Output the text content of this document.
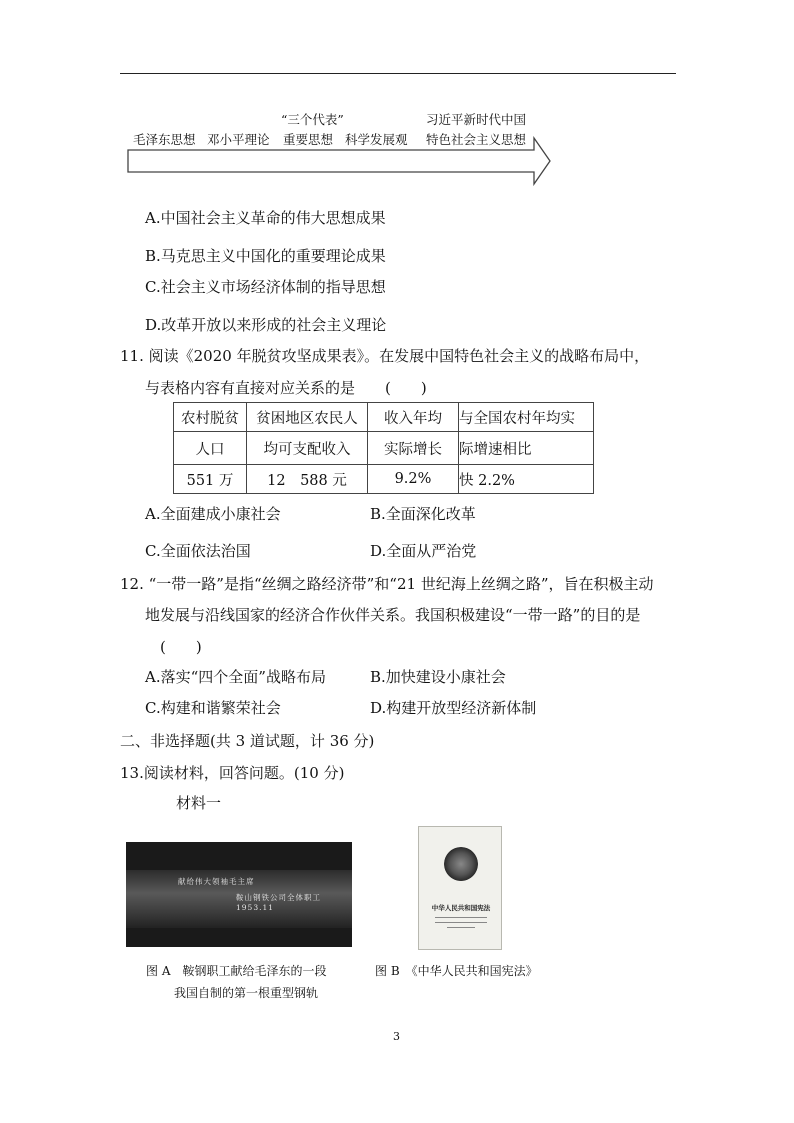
毛泽东思想 邓小平理论
“三个代表”
重要思想 科学发展观
习近平新时代中国
特色社会主义思想
A.中国社会主义革命的伟大思想成果
B.马克思主义中国化的重要理论成果
C.社会主义市场经济体制的指导思想
D.改革开放以来形成的社会主义理论
11. 阅读《2020 年脱贫攻坚成果表》。在发展中国特色社会主义的战略布局中，
与表格内容有直接对应关系的是　　(　　)
农村脱贫	贫困地区农民人	收入年均	与全国农村年均实
人口	均可支配收入	实际增长	际增速相比
551 万	12　588 元	9.2%	快 2.2%
A.全面建成小康社会	B.全面深化改革
C.全面依法治国	D.全面从严治党
12. “一带一路”是指“丝绸之路经济带”和“21 世纪海上丝绸之路”，旨在积极主动
地发展与沿线国家的经济合作伙伴关系。我国积极建设“一带一路”的目的是
(　　)
A.落实“四个全面”战略布局	B.加快建设小康社会
C.构建和谐繁荣社会	D.构建开放型经济新体制
二、非选择题(共 3 道试题，计 36 分)
13.阅读材料，回答问题。(10 分)
材料一
献给伟大领袖毛主席
鞍山钢铁公司全体职工 1953.11	中华人民共和国宪法
图 A　鞍钢职工献给毛泽东的一段
我国自制的第一根重型钢轨
图 B　《中华人民共和国宪法》
3
